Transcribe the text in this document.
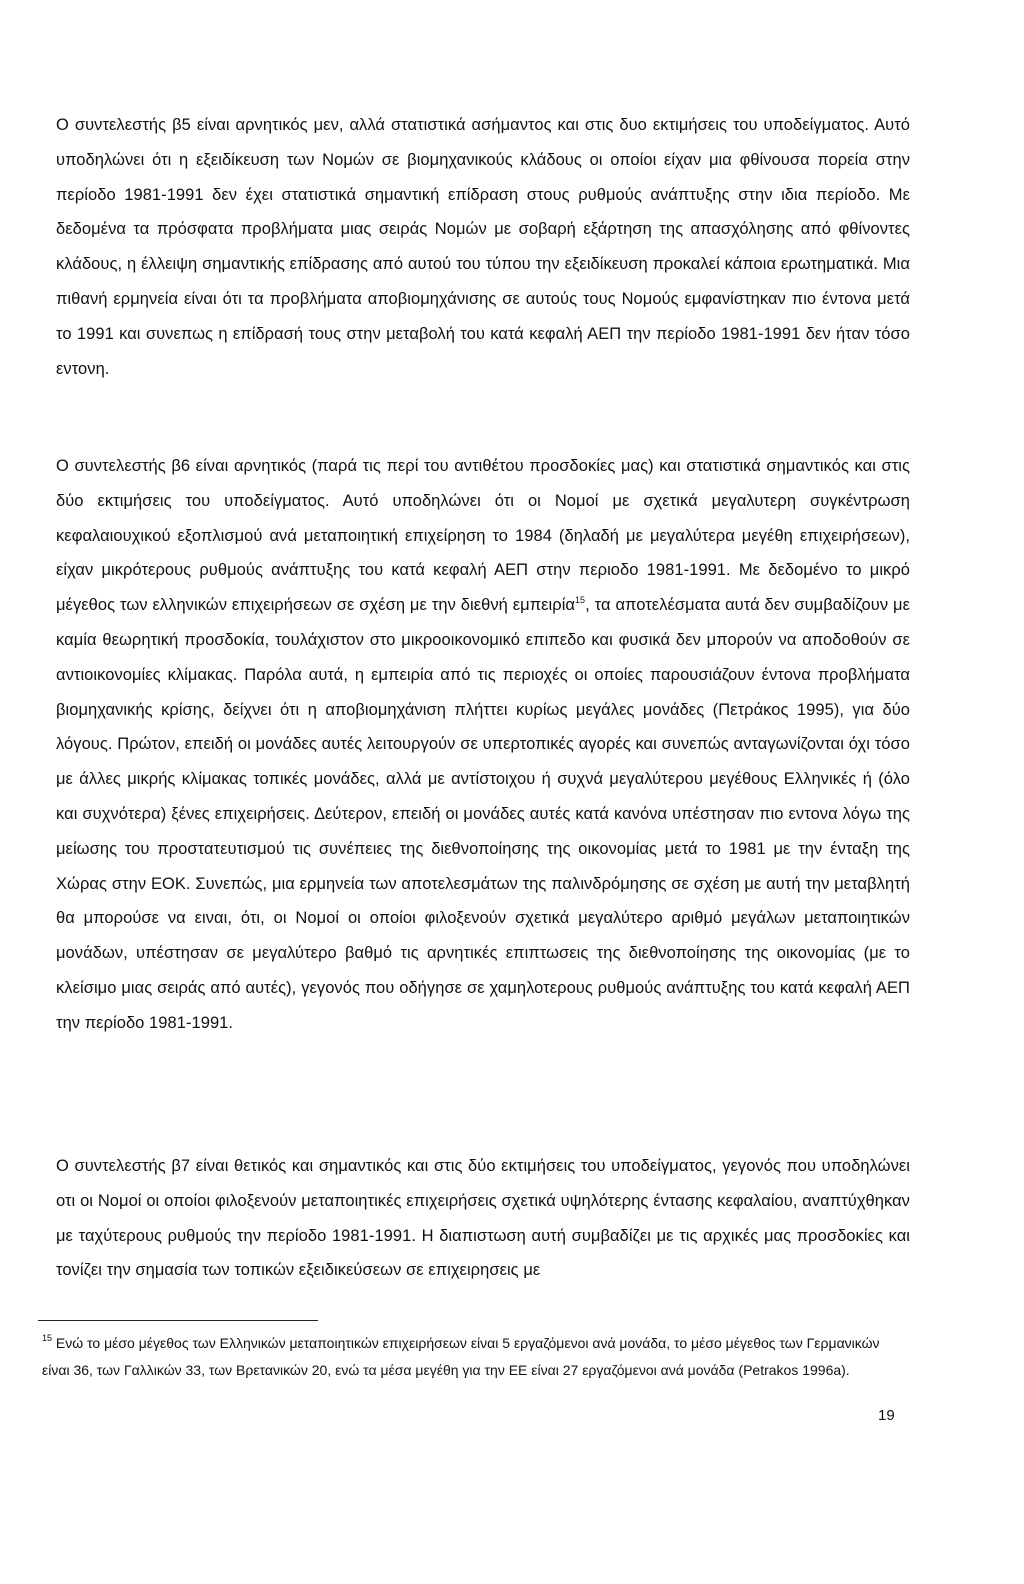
Ο συντελεστής β5 είναι αρνητικός μεν, αλλά στατιστικά ασήμαντος και στις δυο εκτιμήσεις του υποδείγματος. Αυτό υποδηλώνει ότι η εξειδίκευση των Νομών σε βιομηχανικούς κλάδους οι οποίοι είχαν μια φθίνουσα πορεία στην περίοδο 1981-1991 δεν έχει στατιστικά σημαντική επίδραση στους ρυθμούς ανάπτυξης στην ιδια περίοδο. Με δεδομένα τα πρόσφατα προβλήματα μιας σειράς Νομών με σοβαρή εξάρτηση της απασχόλησης από φθίνοντες κλάδους, η έλλειψη σημαντικής επίδρασης από αυτού του τύπου την εξειδίκευση προκαλεί κάποια ερωτηματικά. Μια πιθανή ερμηνεία είναι ότι τα προβλήματα αποβιομηχάνισης σε αυτούς τους Νομούς εμφανίστηκαν πιο έντονα μετά το 1991 και συνεπως η επίδρασή τους στην μεταβολή του κατά κεφαλή ΑΕΠ την περίοδο 1981-1991 δεν ήταν τόσο εντονη.

Ο συντελεστής β6 είναι αρνητικός (παρά τις περί του αντιθέτου προσδοκίες μας) και στατιστικά σημαντικός και στις δύο εκτιμήσεις του υποδείγματος. Αυτό υποδηλώνει ότι οι Νομοί με σχετικά μεγαλυτερη συγκέντρωση κεφαλαιουχικού εξοπλισμού ανά μεταποιητική επιχείρηση το 1984 (δηλαδή με μεγαλύτερα μεγέθη επιχειρήσεων), είχαν μικρότερους ρυθμούς ανάπτυξης του κατά κεφαλή ΑΕΠ στην περιοδο 1981-1991. Με δεδομένο το μικρό μέγεθος των ελληνικών επιχειρήσεων σε σχέση με την διεθνή εμπειρία$^{15}$, τα αποτελέσματα αυτά δεν συμβαδίζουν με καμία θεωρητική προσδοκία, τουλάχιστον στο μικροοικονομικό επιπεδο και φυσικά δεν μπορούν να αποδοθούν σε αντιοικονομίες κλίμακας. Παρόλα αυτά, η εμπειρία από τις περιοχές οι οποίες παρουσιάζουν έντονα προβλήματα βιομηχανικής κρίσης, δείχνει ότι η αποβιομηχάνιση πλήττει κυρίως μεγάλες μονάδες (Πετράκος 1995), για δύο λόγους. Πρώτον, επειδή οι μονάδες αυτές λειτουργούν σε υπερτοπικές αγορές και συνεπώς ανταγωνίζονται όχι τόσο με άλλες μικρής κλίμακας τοπικές μονάδες, αλλά με αντίστοιχου ή συχνά μεγαλύτερου μεγέθους Ελληνικές ή (όλο και συχνότερα) ξένες επιχειρήσεις. Δεύτερον, επειδή οι μονάδες αυτές κατά κανόνα υπέστησαν πιο εντονα λόγω της μείωσης του προστατευτισμού τις συνέπειες της διεθνοποίησης της οικονομίας μετά το 1981 με την ένταξη της Χώρας στην ΕΟΚ. Συνεπώς, μια ερμηνεία των αποτελεσμάτων της παλινδρόμησης σε σχέση με αυτή την μεταβλητή θα μπορούσε να ειναι, ότι, οι Νομοί οι οποίοι φιλοξενούν σχετικά μεγαλύτερο αριθμό μεγάλων μεταποιητικών μονάδων, υπέστησαν σε μεγαλύτερο βαθμό τις αρνητικές επιπτωσεις της διεθνοποίησης της οικονομίας (με το κλείσιμο μιας σειράς από αυτές), γεγονός που οδήγησε σε χαμηλοτερους ρυθμούς ανάπτυξης του κατά κεφαλή ΑΕΠ την περίοδο 1981-1991.

Ο συντελεστής β7 είναι θετικός και σημαντικός και στις δύο εκτιμήσεις του υποδείγματος, γεγονός που υποδηλώνει οτι οι Νομοί οι οποίοι φιλοξενούν μεταποιητικές επιχειρήσεις σχετικά υψηλότερης έντασης κεφαλαίου, αναπτύχθηκαν με ταχύτερους ρυθμούς την περίοδο 1981-1991. Η διαπιστωση αυτή συμβαδίζει με τις αρχικές μας προσδοκίες και τονίζει την σημασία των τοπικών εξειδικεύσεων σε επιχειρησεις με

$^{15}$ Ενώ το μέσο μέγεθος των Ελληνικών μεταποιητικών επιχειρήσεων είναι 5 εργαζόμενοι ανά μονάδα, το μέσο μέγεθος των Γερμανικών είναι 36, των Γαλλικών 33, των Βρετανικών 20, ενώ τα μέσα μεγέθη για την ΕΕ είναι 27 εργαζόμενοι ανά μονάδα (Petrakos 1996a).

19
